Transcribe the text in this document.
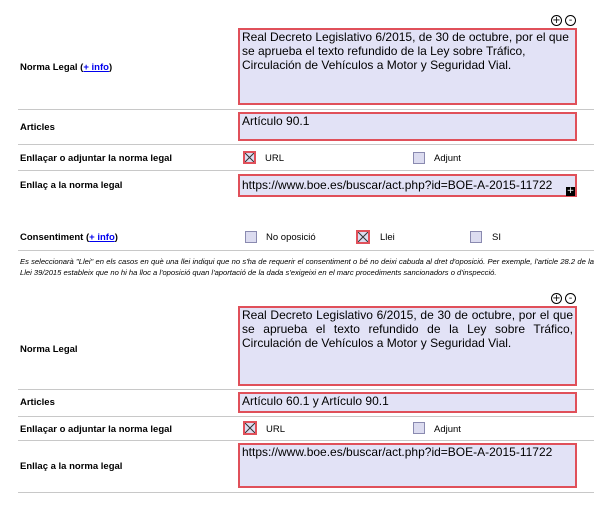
+ -
Norma Legal (+ info)
Real Decreto Legislativo 6/2015, de 30 de octubre, por el que se aprueba el texto refundido de la Ley sobre Tráfico, Circulación de Vehículos a Motor y Seguridad Vial.
Articles	Artículo 90.1
Enllaçar o adjuntar la norma legal	URL	Adjunt
Enllaç a la norma legal	https://www.boe.es/buscar/act.php?id=BOE-A-2015-11722	+
Consentiment (+ info)	No oposició	Llei	SI
Es seleccionarà "Llei" en els casos en què una llei indiqui que no s'ha de requerir el consentiment o bé no deixi cabuda al dret d'oposició. Per exemple, l'article 28.2 de la Llei 39/2015 estableix que no hi ha lloc a l'oposició quan l'aportació de la dada s'exigeixi en el marc procediments sancionadors o d'inspecció.
+ -
Norma Legal
Real Decreto Legislativo 6/2015, de 30 de octubre, por el que se aprueba el texto refundido de la Ley sobre Tráfico, Circulación de Vehículos a Motor y Seguridad Vial.
Articles	Artículo 60.1 y Artículo 90.1
Enllaçar o adjuntar la norma legal	URL	Adjunt
Enllaç a la norma legal
https://www.boe.es/buscar/act.php?id=BOE-A-2015-11722
